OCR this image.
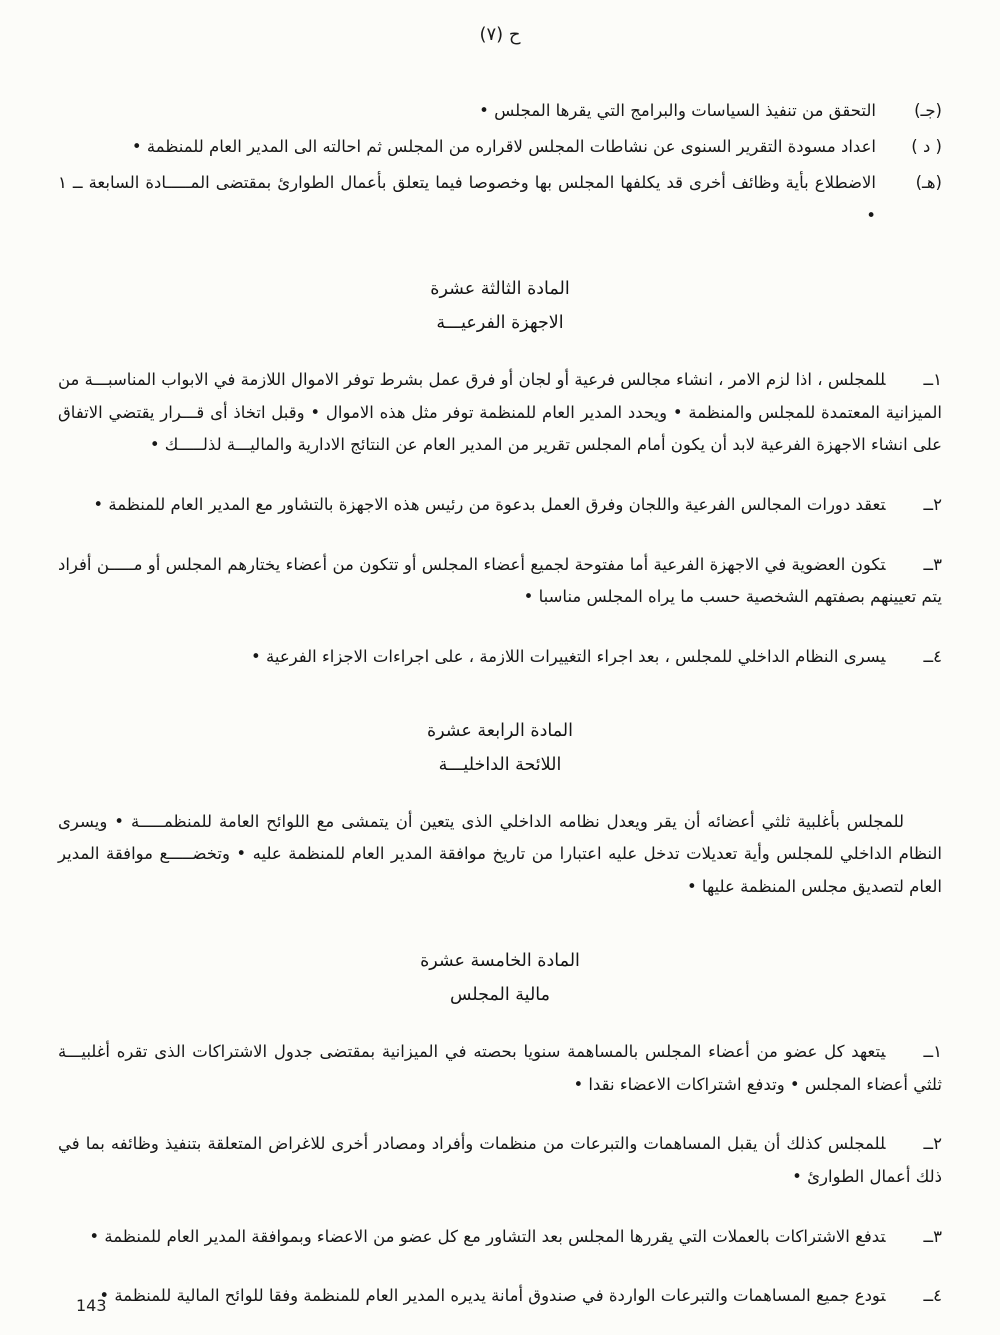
ح (٧)
(جـ)

التحقق من تنفيذ السياسات والبرامج التي يقرها المجلس •

( د )

اعداد مسودة التقرير السنوى عن نشاطات المجلس لاقراره من المجلس ثم احالته الى المدير العام للمنظمة •

(هـ)

الاضطلاع بأية وظائف أخرى قد يكلفها المجلس بها وخصوصا فيما يتعلق بأعمال الطوارئ بمقتضى المـــــادة السابعة ــ ١ •

المادة الثالثة عشرة
الاجهزة الفرعيـــة

١ــللمجلس ، اذا لزم الامر ، انشاء مجالس فرعية أو لجان أو فرق عمل بشرط توفر الاموال اللازمة في الابواب المناسبـــة من الميزانية المعتمدة للمجلس والمنظمة • ويحدد المدير العام للمنظمة توفر مثل هذه الاموال • وقبل اتخاذ أى قـــرار يقتضي الاتفاق على انشاء الاجهزة الفرعية لابد أن يكون أمام المجلس تقرير من المدير العام عن النتائج الادارية والماليـــة لذلـــــك •

٢ــتعقد دورات المجالس الفرعية واللجان وفرق العمل بدعوة من رئيس هذه الاجهزة بالتشاور مع المدير العام للمنظمة •

٣ــتكون العضوية في الاجهزة الفرعية أما مفتوحة لجميع أعضاء المجلس أو تتكون من أعضاء يختارهم المجلس أو مـــــن أفراد يتم تعيينهم بصفتهم الشخصية حسب ما يراه المجلس مناسبا •

٤ــيسرى النظام الداخلي للمجلس ، بعد اجراء التغييرات اللازمة ، على اجراءات الاجزاء الفرعية •

المادة الرابعة عشرة
اللائحة الداخليـــة

للمجلس بأغلبية ثلثي أعضائه أن يقر ويعدل نظامه الداخلي الذى يتعين أن يتمشى مع اللوائح العامة للمنظمـــــة • ويسرى النظام الداخلي للمجلس وأية تعديلات تدخل عليه اعتبارا من تاريخ موافقة المدير العام للمنظمة عليه • وتخضـــــع موافقة المدير العام لتصديق مجلس المنظمة عليها •

المادة الخامسة عشرة
مالية المجلس

١ــيتعهد كل عضو من أعضاء المجلس بالمساهمة سنويا بحصته في الميزانية بمقتضى جدول الاشتراكات الذى تقره أغلبيـــة ثلثي أعضاء المجلس • وتدفع اشتراكات الاعضاء نقدا •

٢ــللمجلس كذلك أن يقبل المساهمات والتبرعات من منظمات وأفراد ومصادر أخرى للاغراض المتعلقة بتنفيذ وظائفه بما في ذلك أعمال الطوارئ •

٣ــتدفع الاشتراكات بالعملات التي يقررها المجلس بعد التشاور مع كل عضو من الاعضاء وبموافقة المدير العام للمنظمة •

٤ــتودع جميع المساهمات والتبرعات الواردة في صندوق أمانة يديره المدير العام للمنظمة وفقا للوائح المالية للمنظمة •

143
